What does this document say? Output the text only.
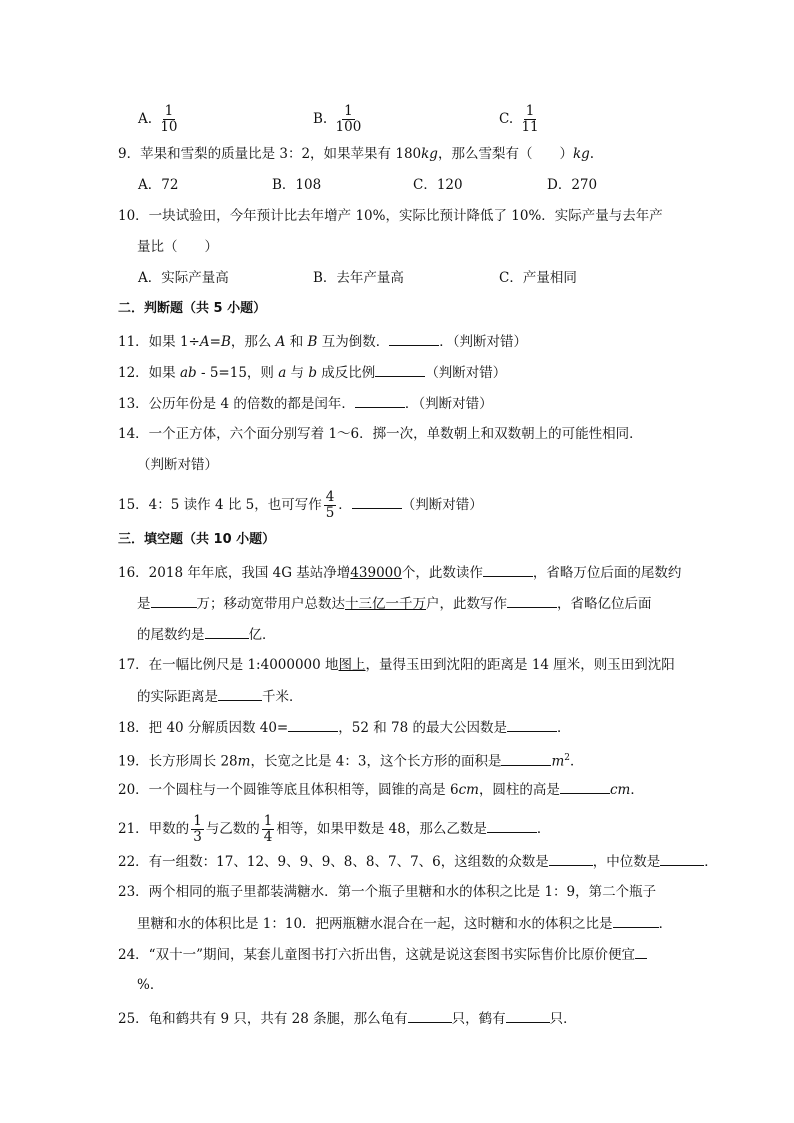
A. $\frac{1}{10}$	B. $\frac{1}{100}$	C. $\frac{1}{11}$
9．苹果和雪梨的质量比是 3：2，如果苹果有 180kg，那么雪梨有（　　）kg.
A．72	B．108	C．120	D．270
10．一块试验田，今年预计比去年增产 10%，实际比预计降低了 10%．实际产量与去年产
量比（　　）
A．实际产量高	B．去年产量高	C．产量相同
二．判断题（共 5 小题）
11．如果 1÷A=B，那么 A 和 B 互为倒数．	．（判断对错）
12．如果 ab - 5=15，则 a 与 b 成反比例	（判断对错）
13．公历年份是 4 的倍数的都是闰年．	．（判断对错）
14．一个正方体，六个面分别写着 1～6．掷一次，单数朝上和双数朝上的可能性相同．
（判断对错）
15．4：5 读作 4 比 5，也可写作 $\frac{4}{5}$ ．	（判断对错）
三．填空题（共 10 小题）
16．2018 年年底，我国 4G 基站净增439000个，此数读作	，省略万位后面的尾数约
是	万；移动宽带用户总数达十三亿一千万户，此数写作	，省略亿位后面
的尾数约是	亿．
17．在一幅比例尺是 1:4000000 地图上，量得玉田到沈阳的距离是 14 厘米，则玉田到沈阳
的实际距离是	千米．
18．把 40 分解质因数 40=	，52 和 78 的最大公因数是	．
19．长方形周长 28m，长宽之比是 4：3，这个长方形的面积是	$m^2$．
20．一个圆柱与一个圆锥等底且体积相等，圆锥的高是 6cm，圆柱的高是	cm．
21．甲数的 $\frac{1}{3}$ 与乙数的 $\frac{1}{4}$ 相等，如果甲数是 48，那么乙数是	．
22．有一组数：17、12、9、9、9、8、8、7、7、6，这组数的众数是	，中位数是	．
23．两个相同的瓶子里都装满糖水．第一个瓶子里糖和水的体积之比是 1：9，第二个瓶子
里糖和水的体积比是 1：10．把两瓶糖水混合在一起，这时糖和水的体积之比是	．
24．“双十一”期间，某套儿童图书打六折出售，这就是说这套图书实际售价比原价便宜
%．
25．龟和鹤共有 9 只，共有 28 条腿，那么龟有	只，鹤有	只．
